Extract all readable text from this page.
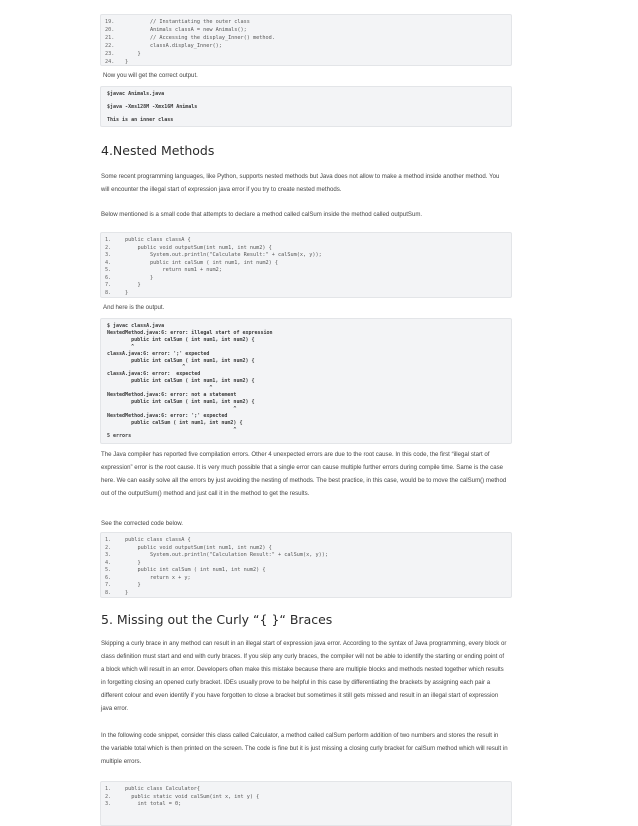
19. // Instantiating the outer class
20. Animals classA = new Animals();
21. // Accessing the display_Inner() method.
22. classA.display_Inner();
23. }
24. }

Now you will get the correct output.

$javac Animals.java

$java -Xms128M -Xmx16M Animals

This is an inner class

4.Nested Methods

Some recent programming languages, like Python, supports nested methods but Java does not allow to make a method inside another method. You will encounter the illegal start of expression java error if you try to create nested methods.

Below mentioned is a small code that attempts to declare a method called calSum inside the method called outputSum.

1.	public class classA {
2.	public void outputSum(int num1, int num2) {
3.	System.out.println("Calculate Result:" + calSum(x, y));
4.	public int calSum ( int num1, int num2) {
5.	return num1 + num2;
6.	}
7.	}
8.	}

And here is the output.

$ javac classA.java
NestedMethod.java:6: error: illegal start of expression
public int calSum ( int num1, int num2) {
^
classA.java:6: error: ';' expected
public int calSum ( int num1, int num2) {
^
classA.java:6: error:  expected
public int calSum ( int num1, int num2) {
^
NestedMethod.java:6: error: not a statement
public int calSum ( int num1, int num2) {
^
NestedMethod.java:6: error: ';' expected
public calSum ( int num1, int num2) {
^
5 errors

The Java compiler has reported five compilation errors. Other 4 unexpected errors are due to the root cause. In this code, the first “illegal start of expression” error is the root cause. It is very much possible that a single error can cause multiple further errors during compile time. Same is the case here. We can easily solve all the errors by just avoiding the nesting of methods. The best practice, in this case, would be to move the calSum() method out of the outputSum() method and just call it in the method to get the results.

See the corrected code below.

1.	public class classA {
2.	public void outputSum(int num1, int num2) {
3.	System.out.println("Calculation Result:" + calSum(x, y));
4.	}
5.	public int calSum ( int num1, int num2) {
6.	return x + y;
7.	}
8.	}
5. Missing out the Curly “{ }“ Braces

Skipping a curly brace in any method can result in an illegal start of expression java error. According to the syntax of Java programming, every block or class definition must start and end with curly braces. If you skip any curly braces, the compiler will not be able to identify the starting or ending point of a block which will result in an error. Developers often make this mistake because there are multiple blocks and methods nested together which results in forgetting closing an opened curly bracket. IDEs usually prove to be helpful in this case by differentiating the brackets by assigning each pair a different colour and even identify if you have forgotten to close a bracket but sometimes it still gets missed and result in an illegal start of expression java error.

In the following code snippet, consider this class called Calculator, a method called calSum perform addition of two numbers and stores the result in the variable total which is then printed on the screen. The code is fine but it is just missing a closing curly bracket for calSum method which will result in multiple errors.

1.	public class Calculator{
2.	public static void calSum(int x, int y) {
3.	int total = 0;
